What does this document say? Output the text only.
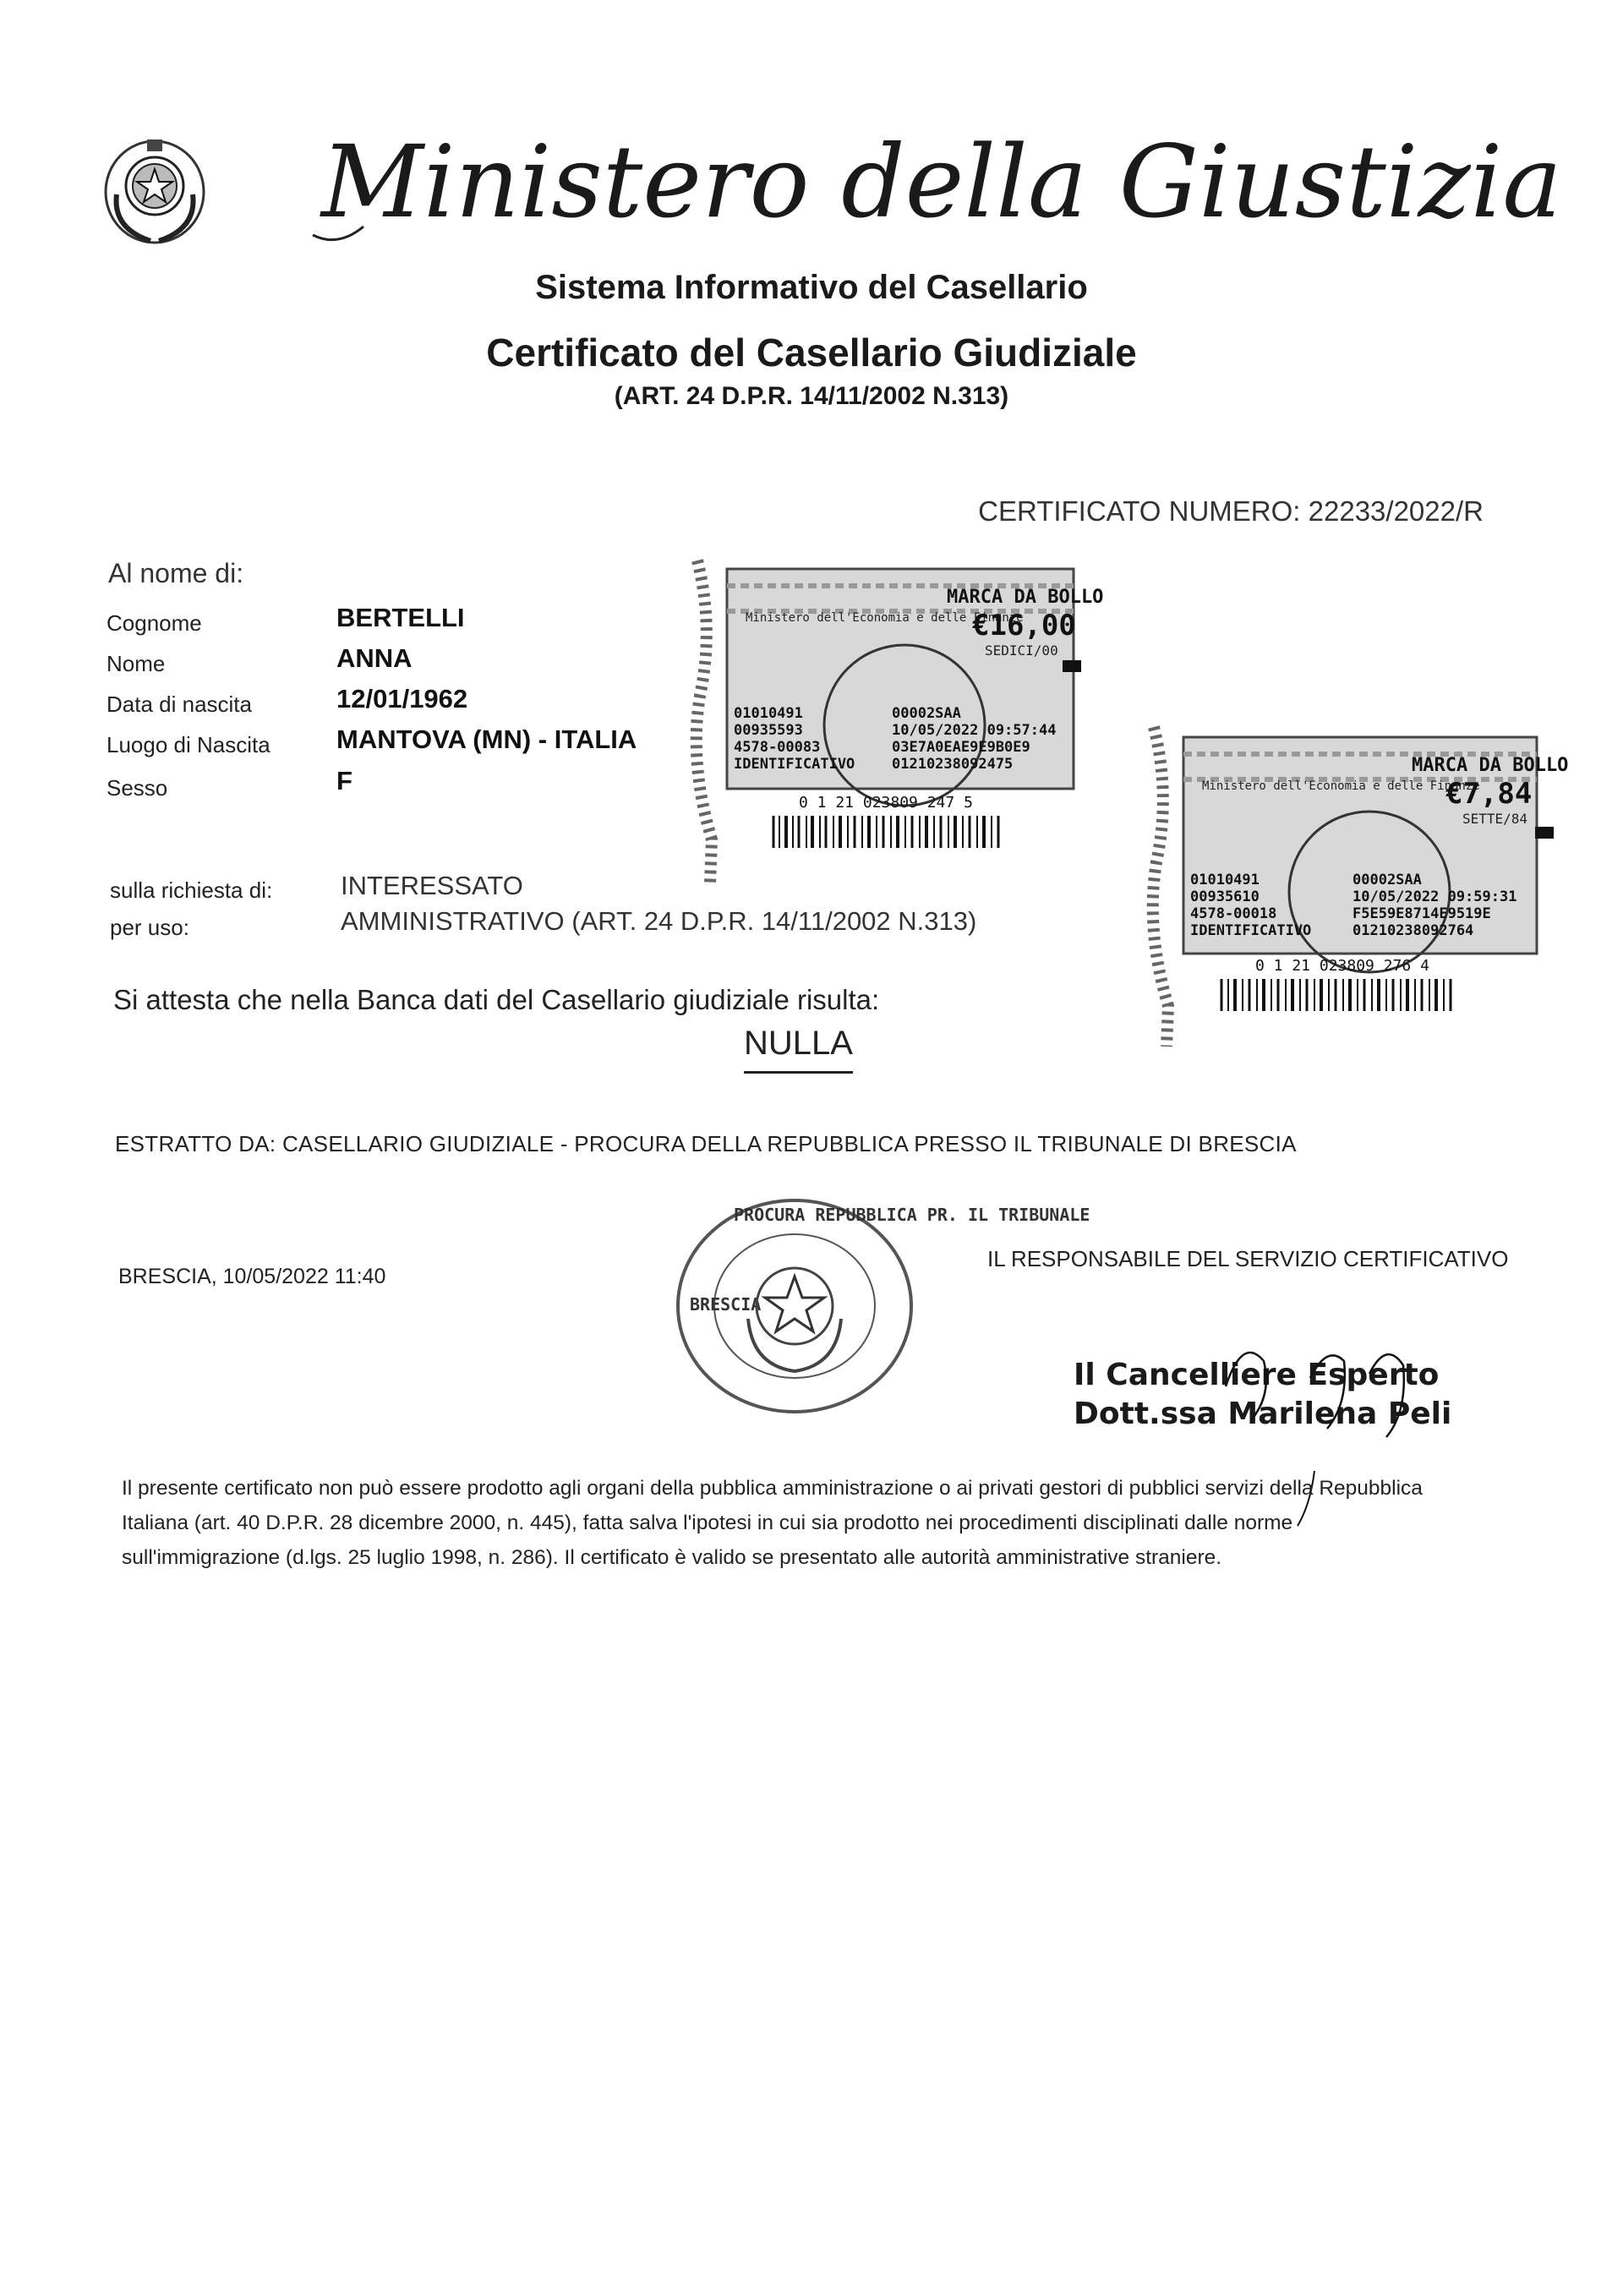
Ministero della Giustizia
Sistema Informativo del Casellario
Certificato del Casellario Giudiziale
(ART. 24 D.P.R. 14/11/2002 N.313)
CERTIFICATO NUMERO: 22233/2022/R
Al nome di:
Cognome	BERTELLI
Nome	ANNA
Data di nascita	12/01/1962
Luogo di Nascita	MANTOVA (MN) - ITALIA
Sesso	F
sulla richiesta di:	INTERESSATO
per uso:	AMMINISTRATIVO (ART. 24 D.P.R. 14/11/2002 N.313)
Si attesta che nella Banca dati del Casellario giudiziale risulta:
NULLA
ESTRATTO DA: CASELLARIO GIUDIZIALE - PROCURA DELLA REPUBBLICA PRESSO IL TRIBUNALE DI BRESCIA
BRESCIA, 10/05/2022 11:40
IL RESPONSABILE DEL SERVIZIO CERTIFICATIVO
Il Cancelliere Esperto
Dott.ssa Marilena Peli
Ministero dell'Economia e delle Finanze
MARCA DA BOLLO
€16,00
SEDICI/00
01010491
00935593
4578-00083
IDENTIFICATIVO
00002SAA
10/05/2022 09:57:44
03E7A0EAE9E9B0E9
01210238092475
0 1 21 023809 247 5
Ministero dell'Economia e delle Finanze
MARCA DA BOLLO
€7,84
SETTE/84
01010491
00935610
4578-00018
IDENTIFICATIVO
00002SAA
10/05/2022 09:59:31
F5E59E8714E9519E
01210238092764
0 1 21 023809 276 4
PROCURA REPUBBLICA PR. IL TRIBUNALE
BRESCIA
Il presente certificato non può essere prodotto agli organi della pubblica amministrazione o ai privati gestori di pubblici servizi della Repubblica
Italiana (art. 40 D.P.R. 28 dicembre 2000, n. 445), fatta salva l'ipotesi in cui sia prodotto nei procedimenti disciplinati dalle norme
sull'immigrazione (d.lgs. 25 luglio 1998, n. 286). Il certificato è valido se presentato alle autorità amministrative straniere.
